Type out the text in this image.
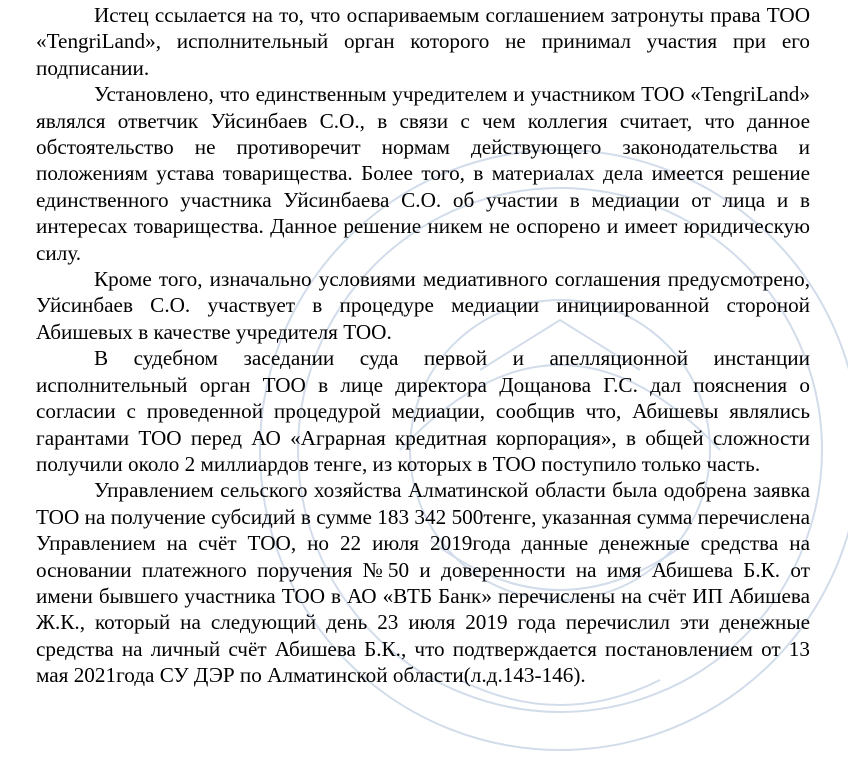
Истец ссылается на то, что оспариваемым соглашением затронуты права ТОО «TengriLand», исполнительный орган которого не принимал участия при его подписании.

Установлено, что единственным учредителем и участником ТОО «TengriLand» являлся ответчик Уйсинбаев С.О., в связи с чем коллегия считает, что данное обстоятельство не противоречит нормам действующего законодательства и положениям устава товарищества. Более того, в материалах дела имеется решение единственного участника Уйсинбаева С.О. об участии в медиации от лица и в интересах товарищества. Данное решение никем не оспорено и имеет юридическую силу.

Кроме того, изначально условиями медиативного соглашения предусмотрено, Уйсинбаев С.О. участвует в процедуре медиации инициированной стороной Абишевых в качестве учредителя ТОО.

В судебном заседании суда первой и апелляционной инстанции исполнительный орган ТОО в лице директора Дощанова Г.С. дал пояснения о согласии с проведенной процедурой медиации, сообщив что, Абишевы являлись гарантами ТОО перед АО «Аграрная кредитная корпорация», в общей сложности получили около 2 миллиардов тенге, из которых в ТОО поступило только часть.

Управлением сельского хозяйства Алматинской области была одобрена заявка ТОО на получение субсидий в сумме 183 342 500тенге, указанная сумма перечислена Управлением на счёт ТОО, но 22 июля 2019года данные денежные средства на основании платежного поручения №50 и доверенности на имя Абишева Б.К. от имени бывшего участника ТОО в АО «ВТБ Банк» перечислены на счёт ИП Абишева Ж.К., который на следующий день 23 июля 2019 года перечислил эти денежные средства на личный счёт Абишева Б.К., что подтверждается постановлением от 13 мая 2021года СУ ДЭР по Алматинской области(л.д.143-146).
